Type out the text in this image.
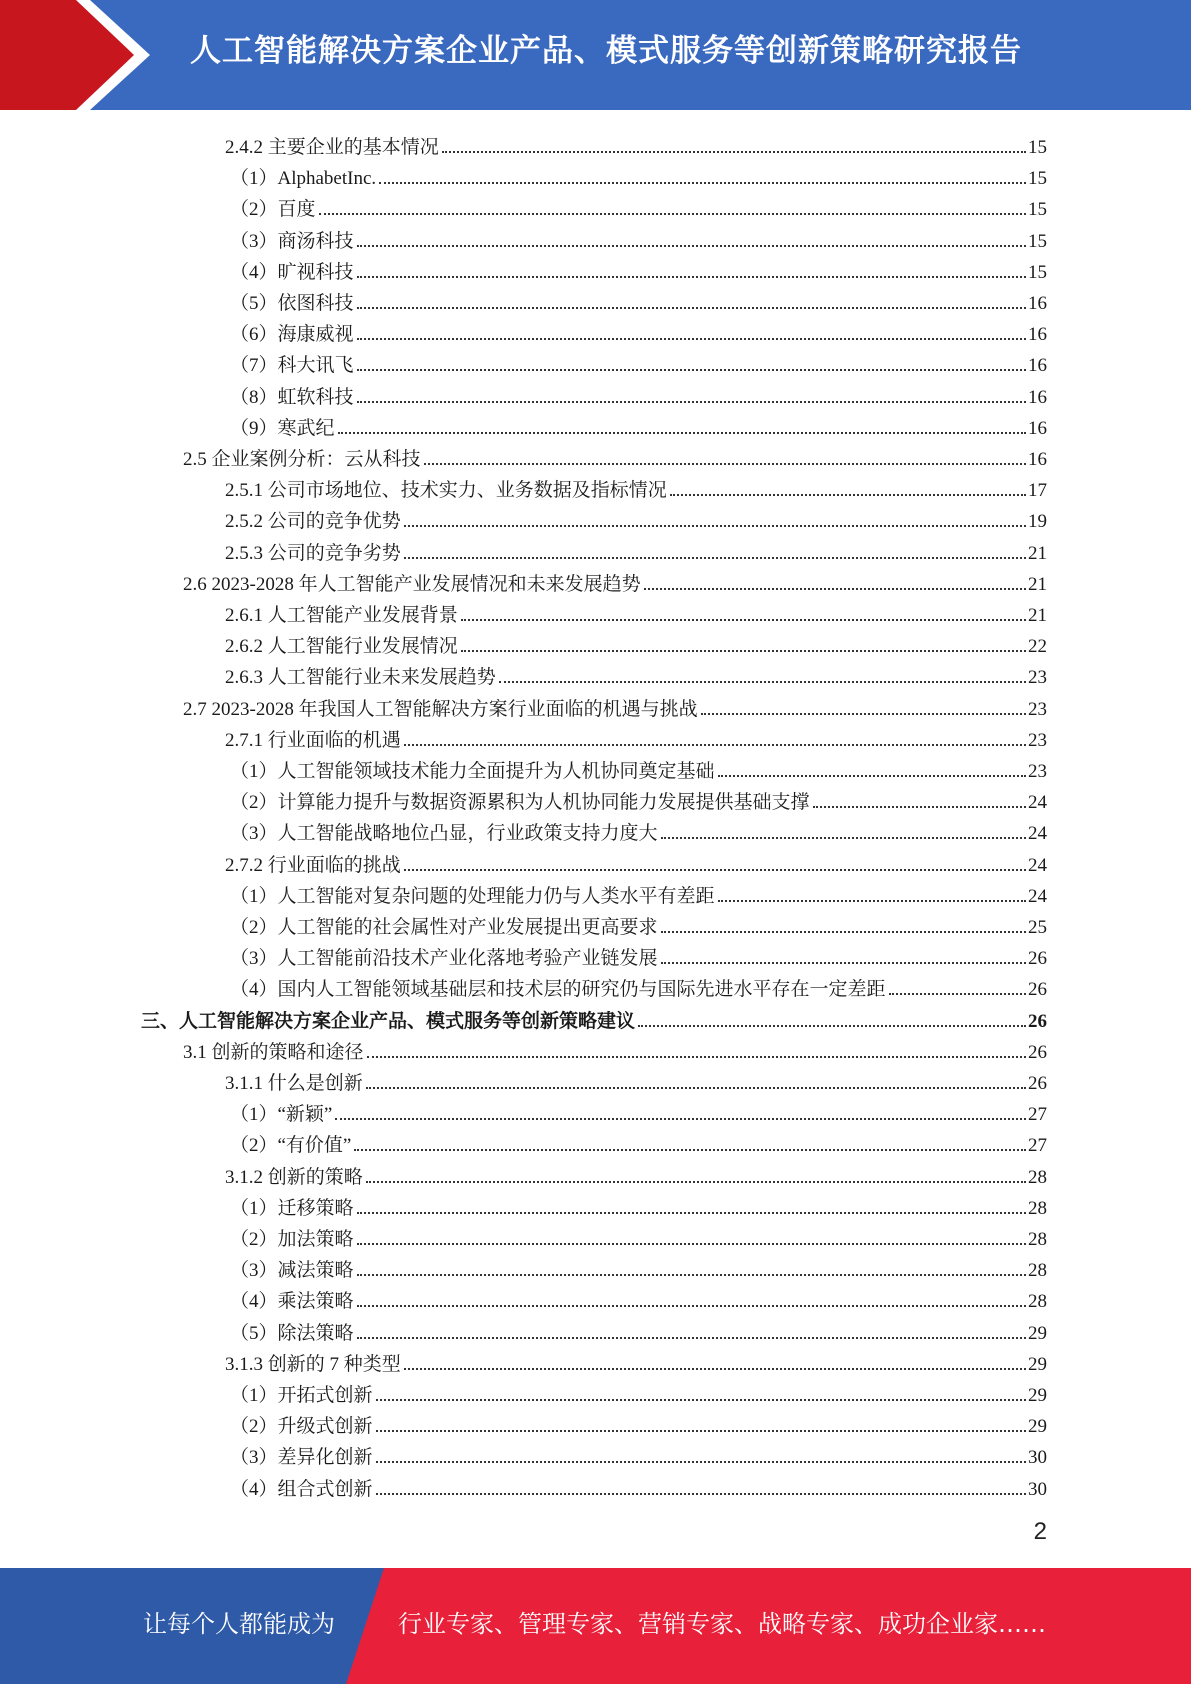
人工智能解决方案企业产品、模式服务等创新策略研究报告
2.4.2 主要企业的基本情况	15
（1）AlphabetInc.	15
（2）百度	15
（3）商汤科技	15
（4）旷视科技	15
（5）依图科技	16
（6）海康威视	16
（7）科大讯飞	16
（8）虹软科技	16
（9）寒武纪	16
2.5 企业案例分析：云从科技	16
2.5.1 公司市场地位、技术实力、业务数据及指标情况	17
2.5.2 公司的竞争优势	19
2.5.3 公司的竞争劣势	21
2.6 2023-2028 年人工智能产业发展情况和未来发展趋势	21
2.6.1 人工智能产业发展背景	21
2.6.2 人工智能行业发展情况	22
2.6.3 人工智能行业未来发展趋势	23
2.7 2023-2028 年我国人工智能解决方案行业面临的机遇与挑战	23
2.7.1 行业面临的机遇	23
（1）人工智能领域技术能力全面提升为人机协同奠定基础	23
（2）计算能力提升与数据资源累积为人机协同能力发展提供基础支撑	24
（3）人工智能战略地位凸显，行业政策支持力度大	24
2.7.2 行业面临的挑战	24
（1）人工智能对复杂问题的处理能力仍与人类水平有差距	24
（2）人工智能的社会属性对产业发展提出更高要求	25
（3）人工智能前沿技术产业化落地考验产业链发展	26
（4）国内人工智能领域基础层和技术层的研究仍与国际先进水平存在一定差距	26
三、人工智能解决方案企业产品、模式服务等创新策略建议	26
3.1 创新的策略和途径	26
3.1.1 什么是创新	26
（1）“新颖”	27
（2）“有价值”	27
3.1.2 创新的策略	28
（1）迁移策略	28
（2）加法策略	28
（3）减法策略	28
（4）乘法策略	28
（5）除法策略	29
3.1.3 创新的 7 种类型	29
（1）开拓式创新	29
（2）升级式创新	29
（3）差异化创新	30
（4）组合式创新	30
2
让每个人都能成为	行业专家、管理专家、营销专家、战略专家、成功企业家……
